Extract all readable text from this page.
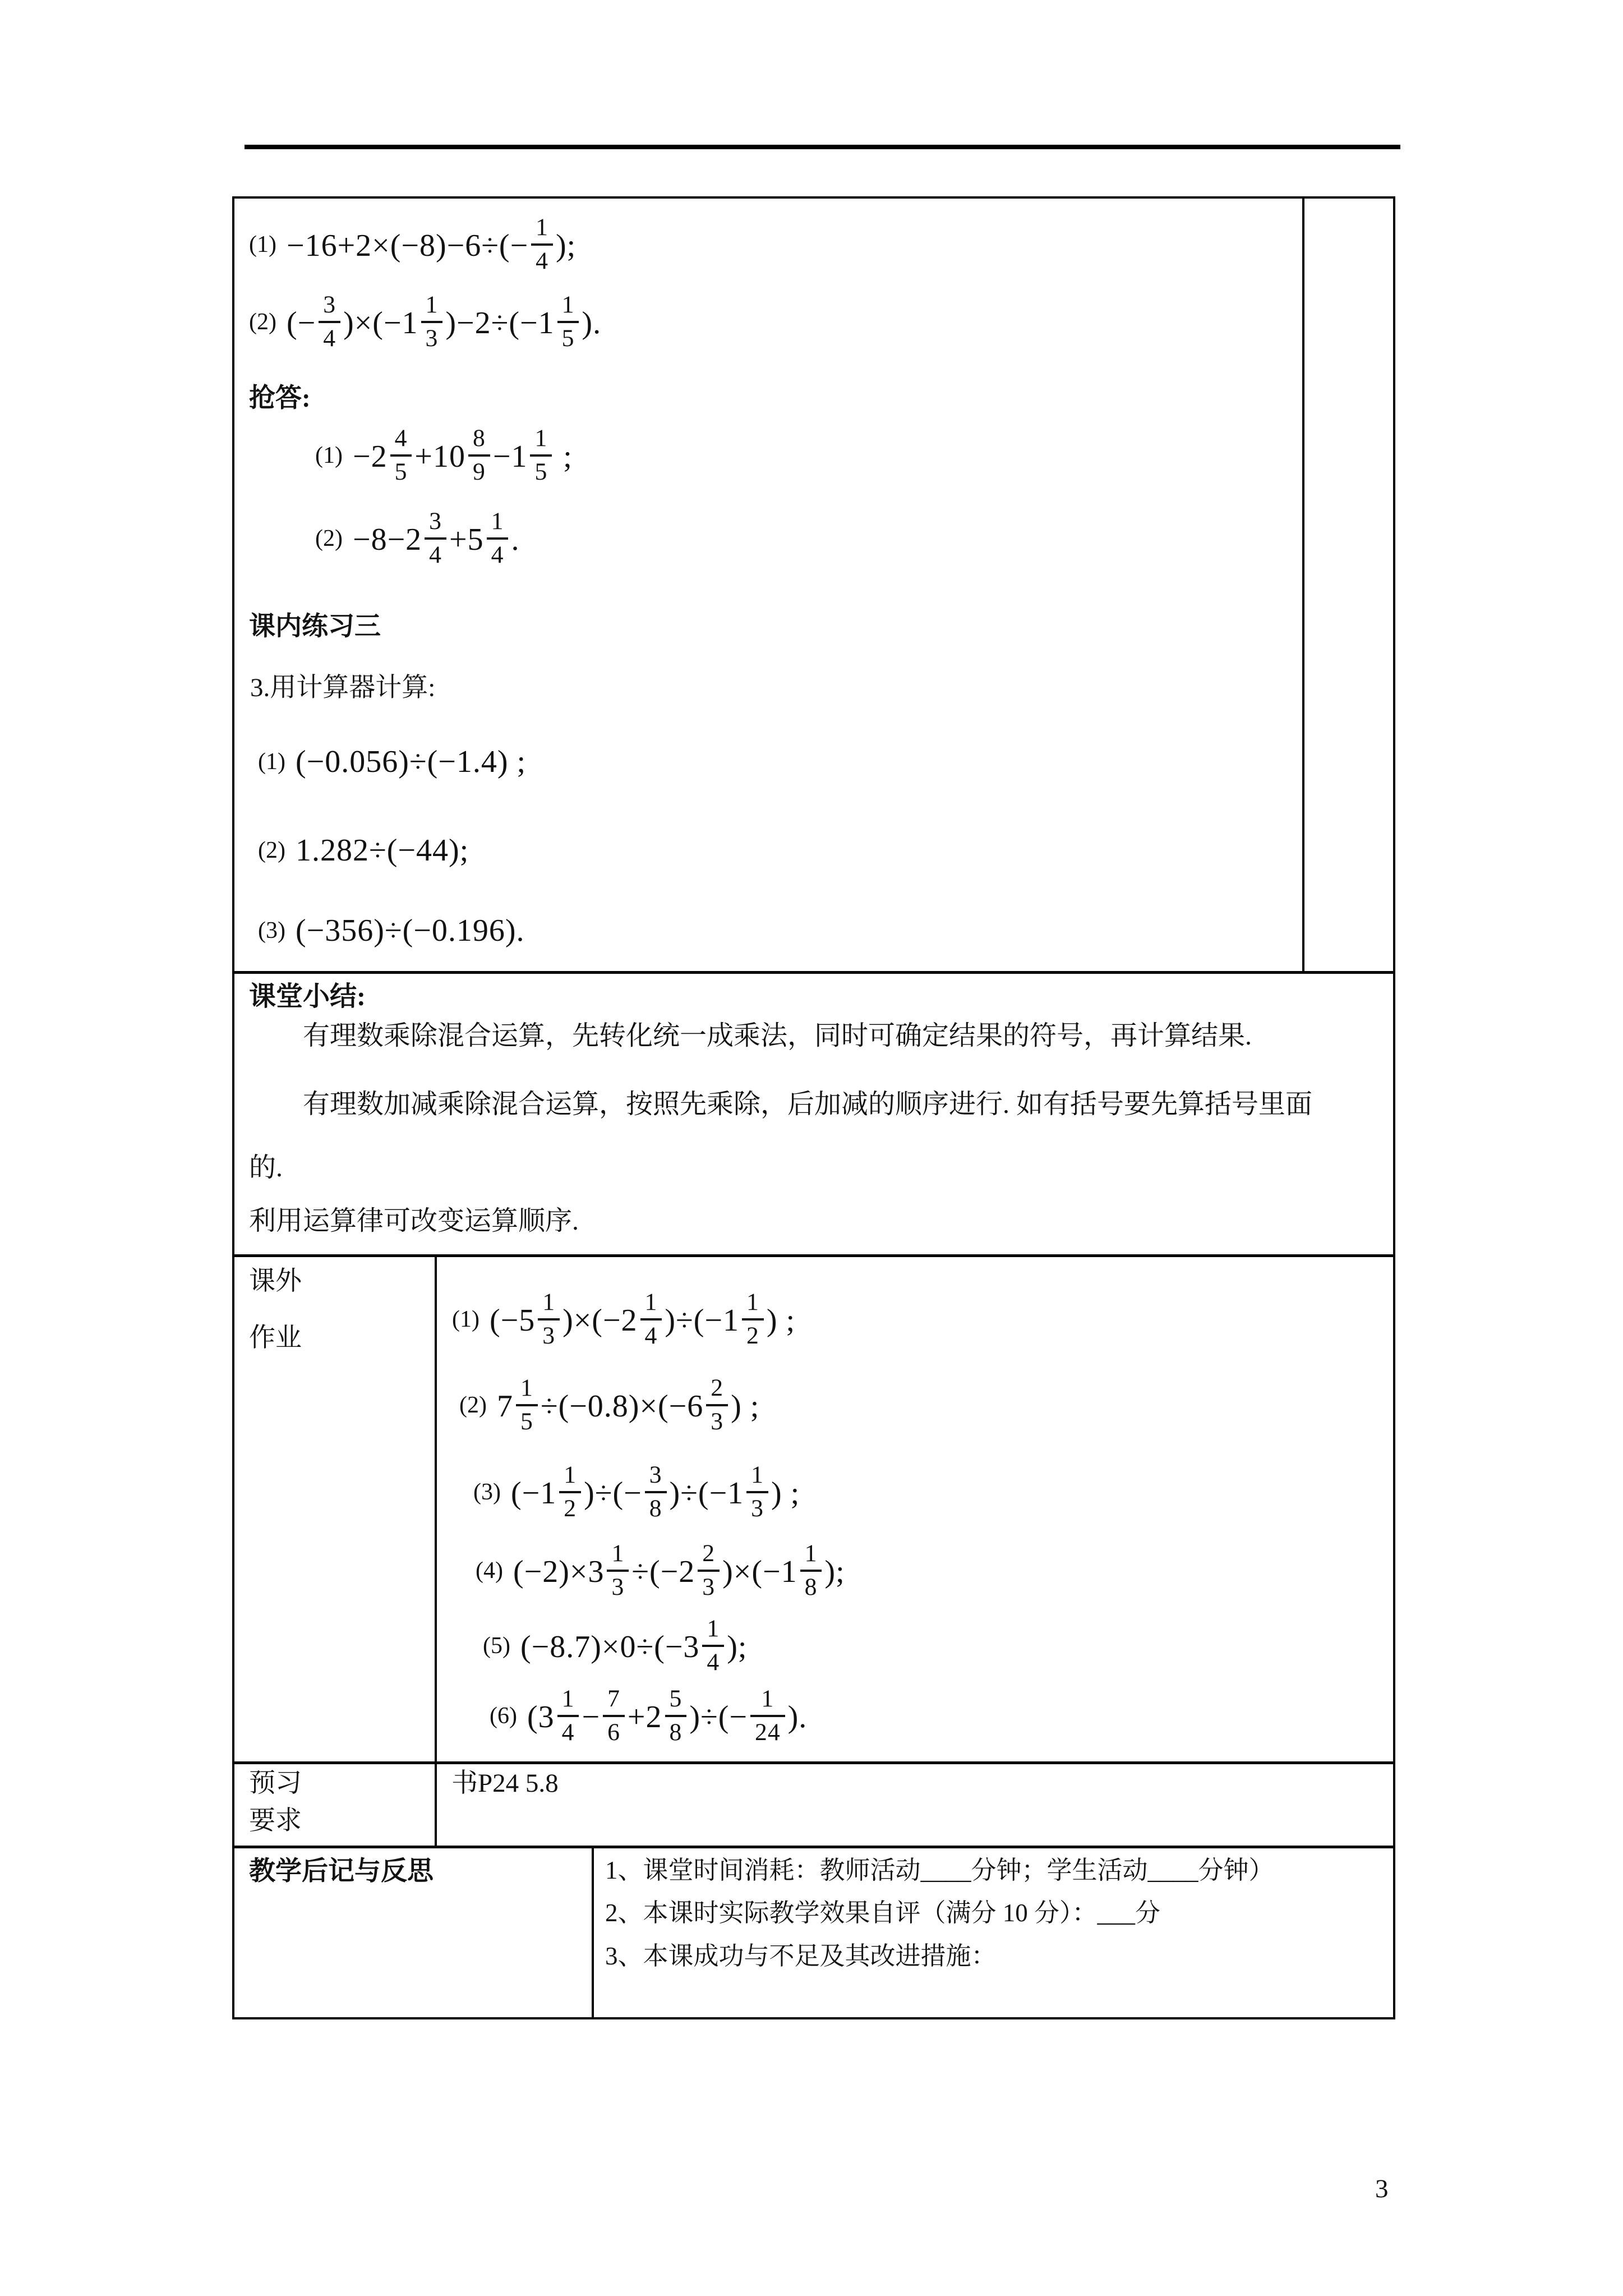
$(1) -16+2\times(-8)-6\div(- \frac{1}{4}$ );
(2) (− $\frac{3}{4} )\times(-1 \frac{1}{3} )-2\div(-1 \frac{1}{5}$ ).
抢答:
$(1) -2 \frac{4}{5} +10 \frac{8}{9} -1 \frac{1}{5}$ ;
$(2) -8-2 \frac{3}{4} +5 \frac{1}{4}$ .
课内练习三
3.用计算器计算:
(1) (−0.056)÷(−1.4) ;
(2) 1.282÷(−44);
(3) (−356)÷(−0.196).
课堂小结:
有理数乘除混合运算，先转化统一成乘法，同时可确定结果的符号，再计算结果.
有理数加减乘除混合运算，按照先乘除，后加减的顺序进行. 如有括号要先算括号里面
的.
利用运算律可改变运算顺序.
课外
作业
(1) $(-5 \frac{1}{3} )\times(-2 \frac{1}{4} )\div(-1 \frac{1}{2}$ ) ;
(2) $7 \frac{1}{5} \div(-0.8)\times(-6 \frac{2}{3}$ ) ;
(3) ($-1 \frac{1}{2}$ )÷(− $\frac{3}{8} )\div(-1 \frac{1}{3}$ ) ;
(4) $(-2)\times 3 \frac{1}{3} \div(-2 \frac{2}{3} )\times(-1 \frac{1}{8}$ );
(5) $(-8.7)\times 0\div(-3 \frac{1}{4}$ );
(6) ($3 \frac{1}{4} - \frac{7}{6} +2 \frac{5}{8}$ )÷(− $\frac{1}{24}$ ).
预习
要求
书P24 5.8
教学后记与反思	1、课堂时间消耗：教师活动____分钟；学生活动____分钟）
2、本课时实际教学效果自评（满分 10 分）：___分
3、本课成功与不足及其改进措施：
3
